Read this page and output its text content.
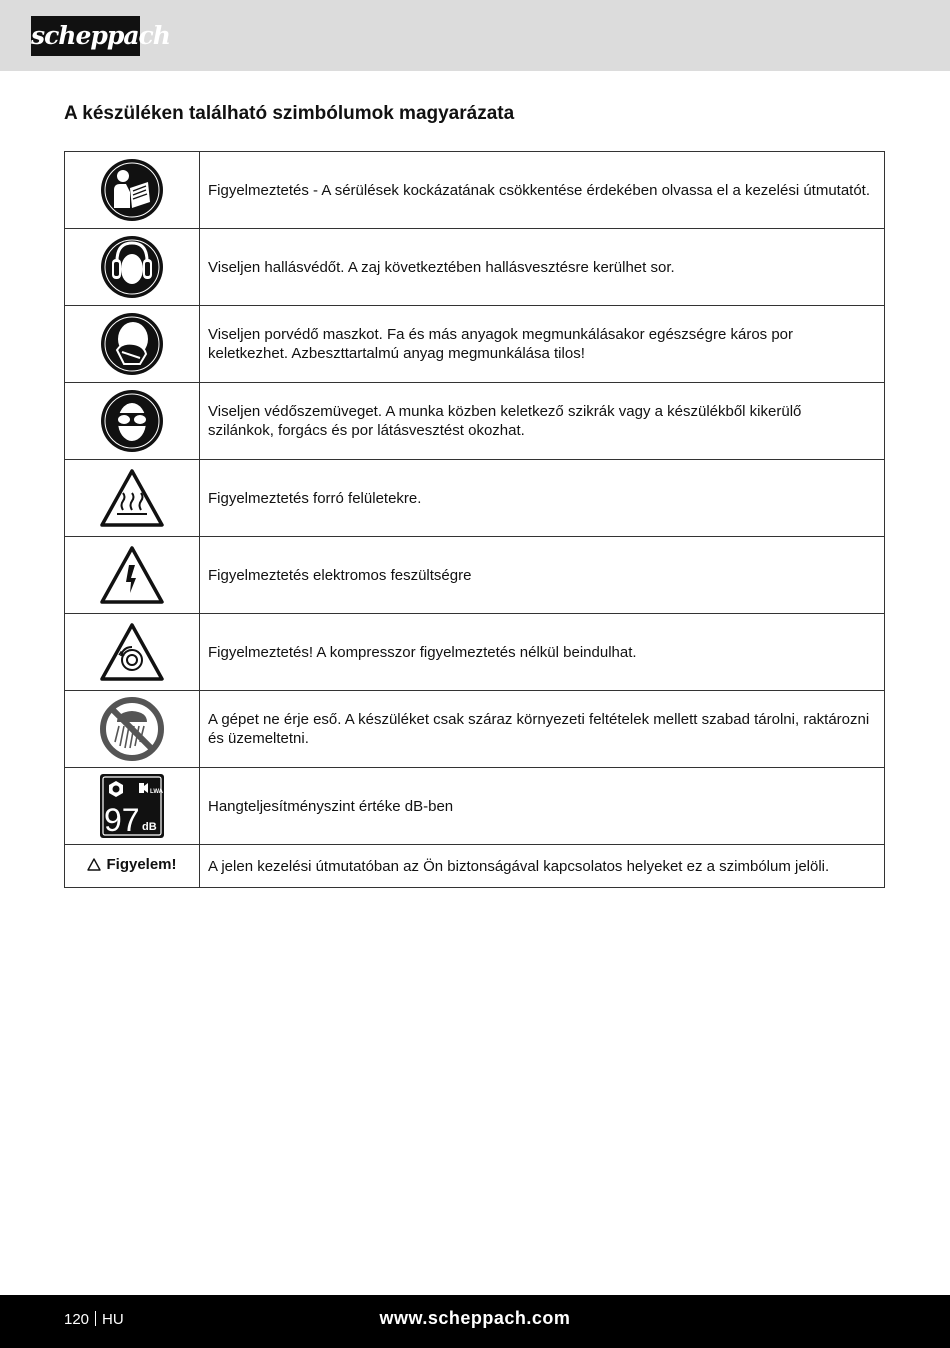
scheppach
A készüléken található szimbólumok magyarázata
	Figyelmeztetés - A sérülések kockázatának csökkentése érdekében olvassa el a kezelési útmutatót.

	Viseljen hallásvédőt. A zaj következtében hallásvesztésre kerülhet sor.

	Viseljen porvédő maszkot. Fa és más anyagok megmunkálásakor egészségre káros por keletkezhet. Azbeszttartalmú anyag megmunkálása tilos!

	Viseljen védőszemüveget. A munka közben keletkező szikrák vagy a készülékből kikerülő szilánkok, forgács és por látásvesztést okozhat.

	Figyelmeztetés forró felületekre.

	Figyelmeztetés elektromos feszültségre

	Figyelmeztetés! A kompresszor figyelmeztetés nélkül beindulhat.

	A gépet ne érje eső. A készüléket csak száraz környezeti feltételek mellett szabad tárolni, raktározni és üzemeltetni.

LWA
97 dB	Hangteljesítményszint értéke dB-ben

Figyelem!	A jelen kezelési útmutatóban az Ön biztonságával kapcsolatos helyeket ez a szimbólum jelöli.
120 HU	www.scheppach.com
